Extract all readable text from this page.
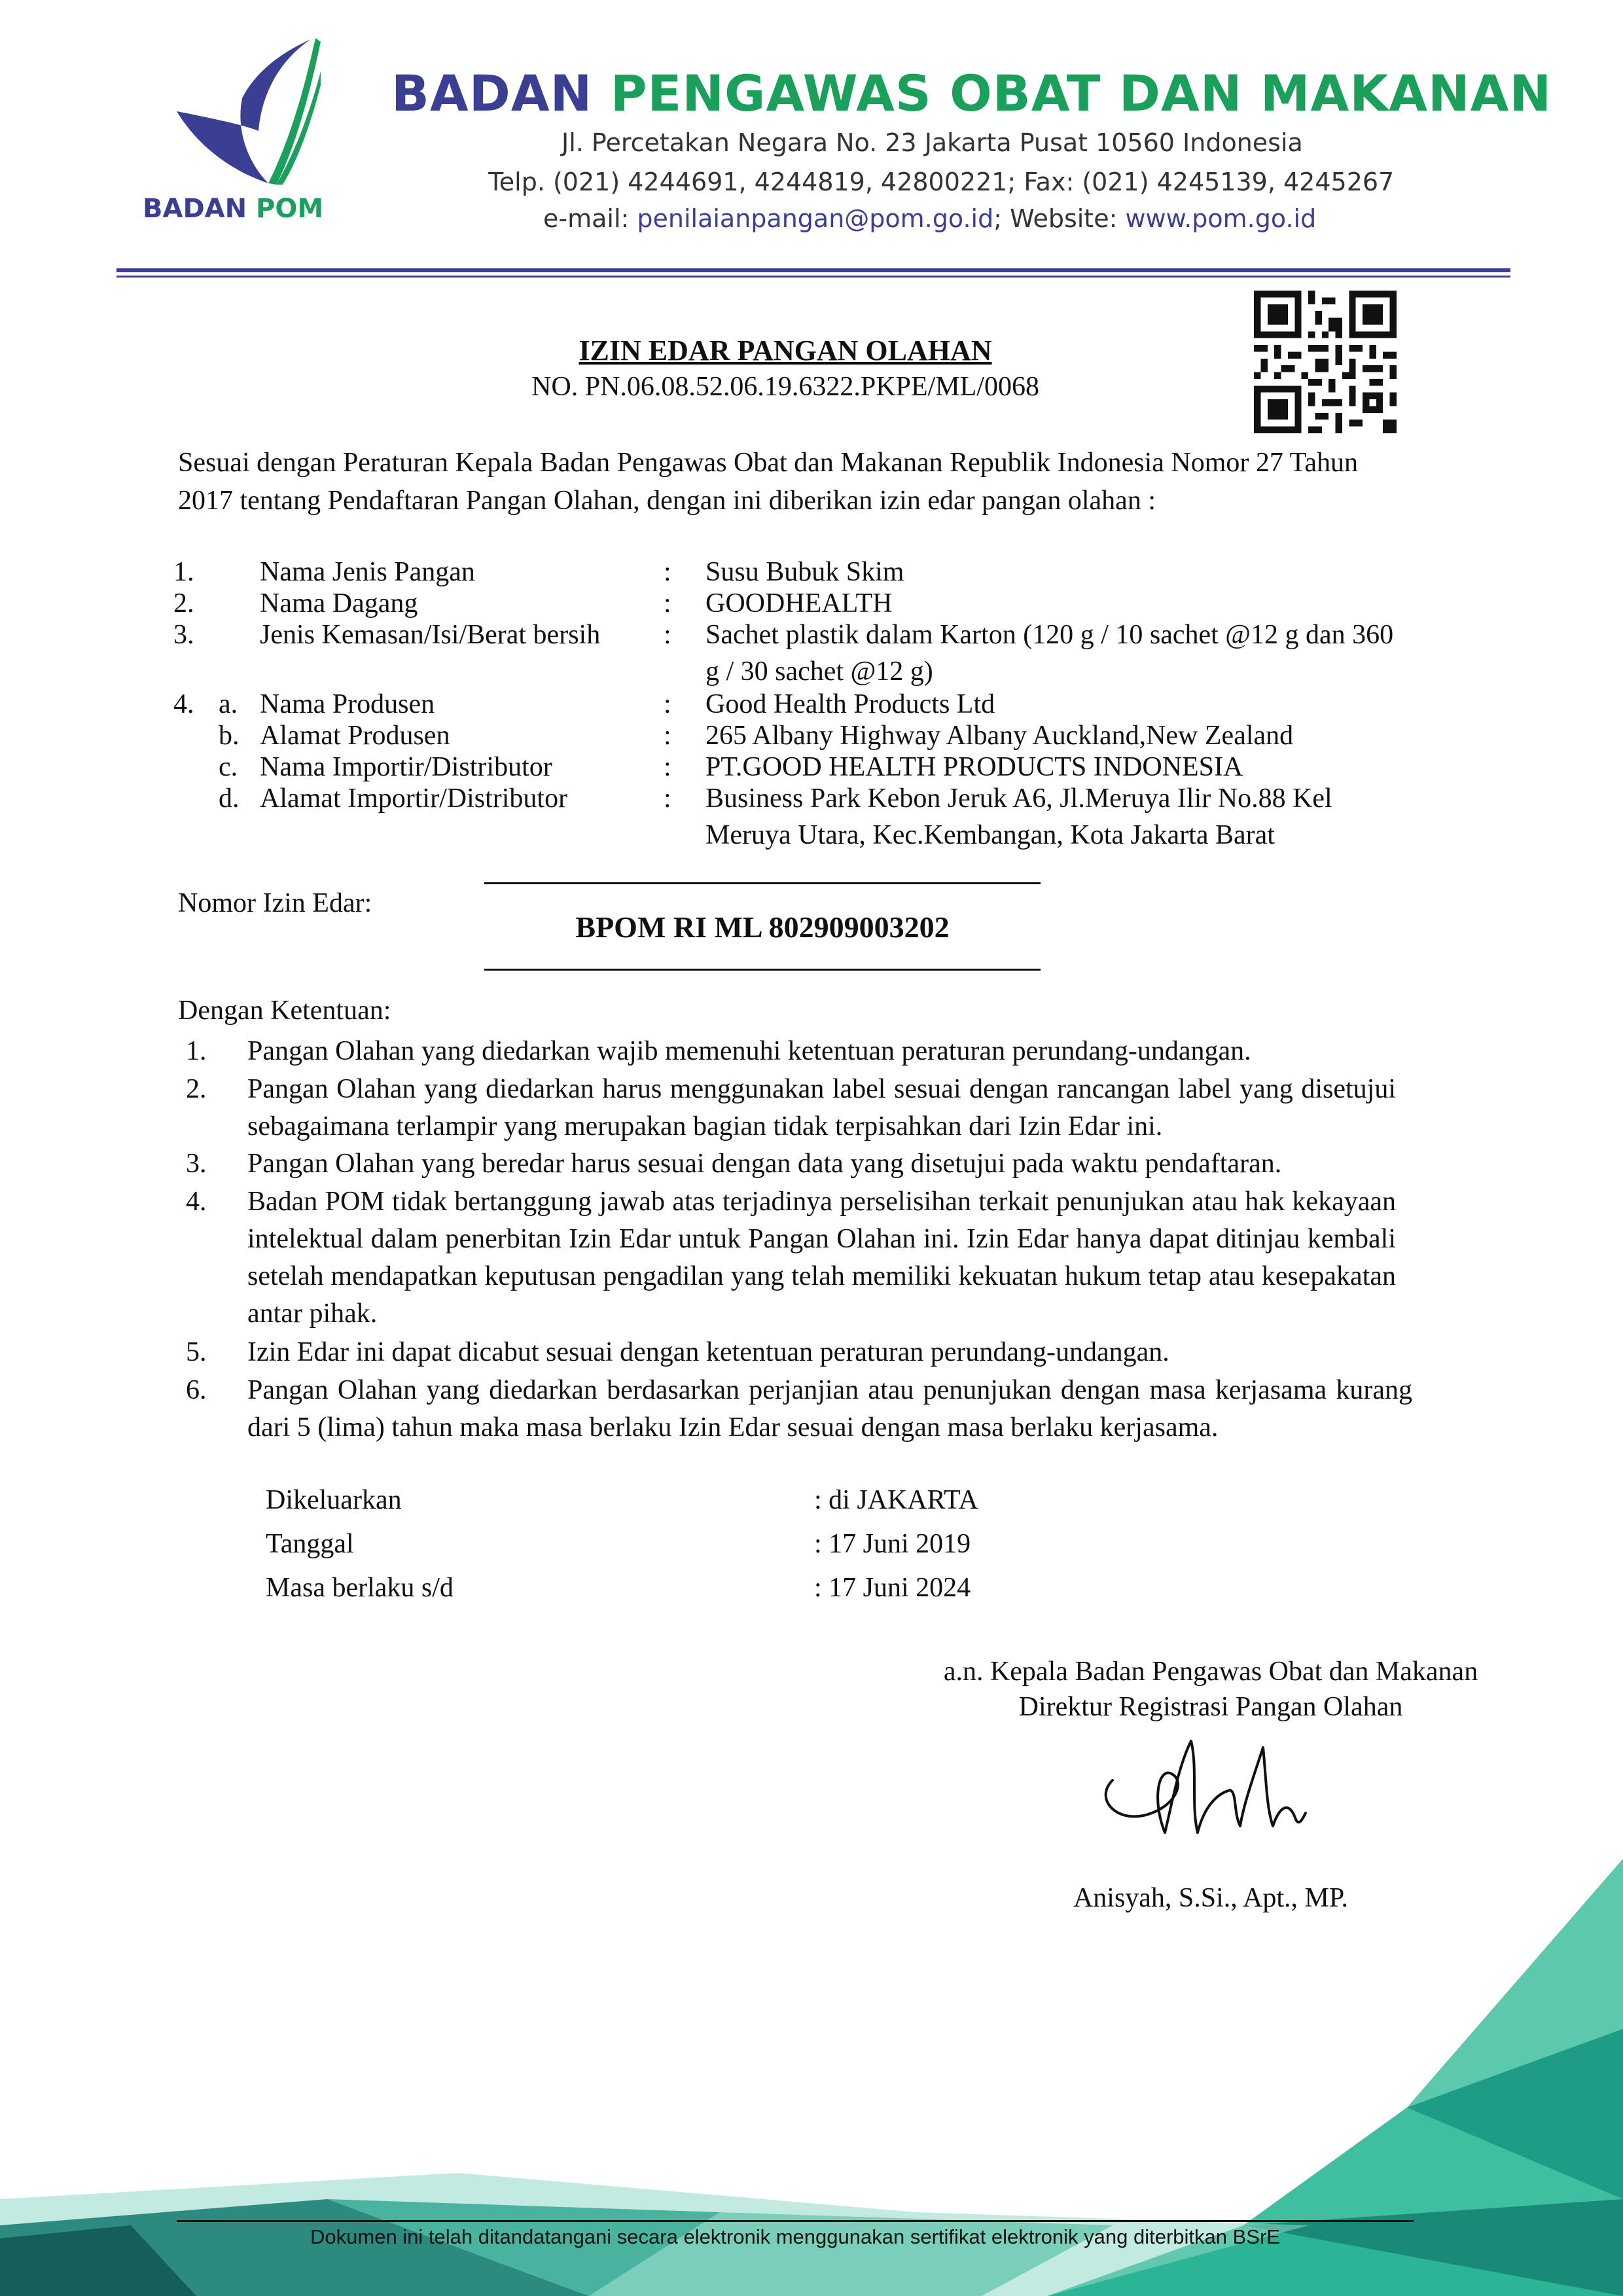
BADAN POM
BADAN PENGAWAS OBAT DAN MAKANAN
Jl. Percetakan Negara No. 23 Jakarta Pusat 10560 Indonesia
Telp. (021) 4244691, 4244819, 42800221; Fax: (021) 4245139, 4245267
e-mail: penilaianpangan@pom.go.id; Website: www.pom.go.id
IZIN EDAR PANGAN OLAHAN
NO. PN.06.08.52.06.19.6322.PKPE/ML/0068
Sesuai dengan Peraturan Kepala Badan Pengawas Obat dan Makanan Republik Indonesia Nomor 27 Tahun 2017 tentang Pendaftaran Pangan Olahan, dengan ini diberikan izin edar pangan olahan :
1. Nama Jenis Pangan	: Susu Bubuk Skim
2. Nama Dagang	: GOODHEALTH
3. Jenis Kemasan/Isi/Berat bersih : Sachet plastik dalam Karton (120 g / 10 sachet @12 g dan 360 g / 30 sachet @12 g)
4. a. Nama Produsen	: Good Health Products Ltd
b. Alamat Produsen	: 265 Albany Highway Albany Auckland,New Zealand
c. Nama Importir/Distributor	: PT.GOOD HEALTH PRODUCTS INDONESIA
d. Alamat Importir/Distributor	: Business Park Kebon Jeruk A6, Jl.Meruya Ilir No.88 Kel Meruya Utara, Kec.Kembangan, Kota Jakarta Barat
Nomor Izin Edar:
BPOM RI ML 802909003202
Dengan Ketentuan:
1. Pangan Olahan yang diedarkan wajib memenuhi ketentuan peraturan perundang-undangan.
2. Pangan Olahan yang diedarkan harus menggunakan label sesuai dengan rancangan label yang disetujui sebagaimana terlampir yang merupakan bagian tidak terpisahkan dari Izin Edar ini.
3. Pangan Olahan yang beredar harus sesuai dengan data yang disetujui pada waktu pendaftaran.
4. Badan POM tidak bertanggung jawab atas terjadinya perselisihan terkait penunjukan atau hak kekayaan intelektual dalam penerbitan Izin Edar untuk Pangan Olahan ini. Izin Edar hanya dapat ditinjau kembali setelah mendapatkan keputusan pengadilan yang telah memiliki kekuatan hukum tetap atau kesepakatan antar pihak.
5. Izin Edar ini dapat dicabut sesuai dengan ketentuan peraturan perundang-undangan.
6. Pangan Olahan yang diedarkan berdasarkan perjanjian atau penunjukan dengan masa kerjasama kurang dari 5 (lima) tahun maka masa berlaku Izin Edar sesuai dengan masa berlaku kerjasama.
Dikeluarkan	: di JAKARTA
Tanggal	: 17 Juni 2019
Masa berlaku s/d	: 17 Juni 2024
a.n. Kepala Badan Pengawas Obat dan Makanan
Direktur Registrasi Pangan Olahan
Anisyah, S.Si., Apt., MP.
Dokumen ini telah ditandatangani secara elektronik menggunakan sertifikat elektronik yang diterbitkan BSrE
